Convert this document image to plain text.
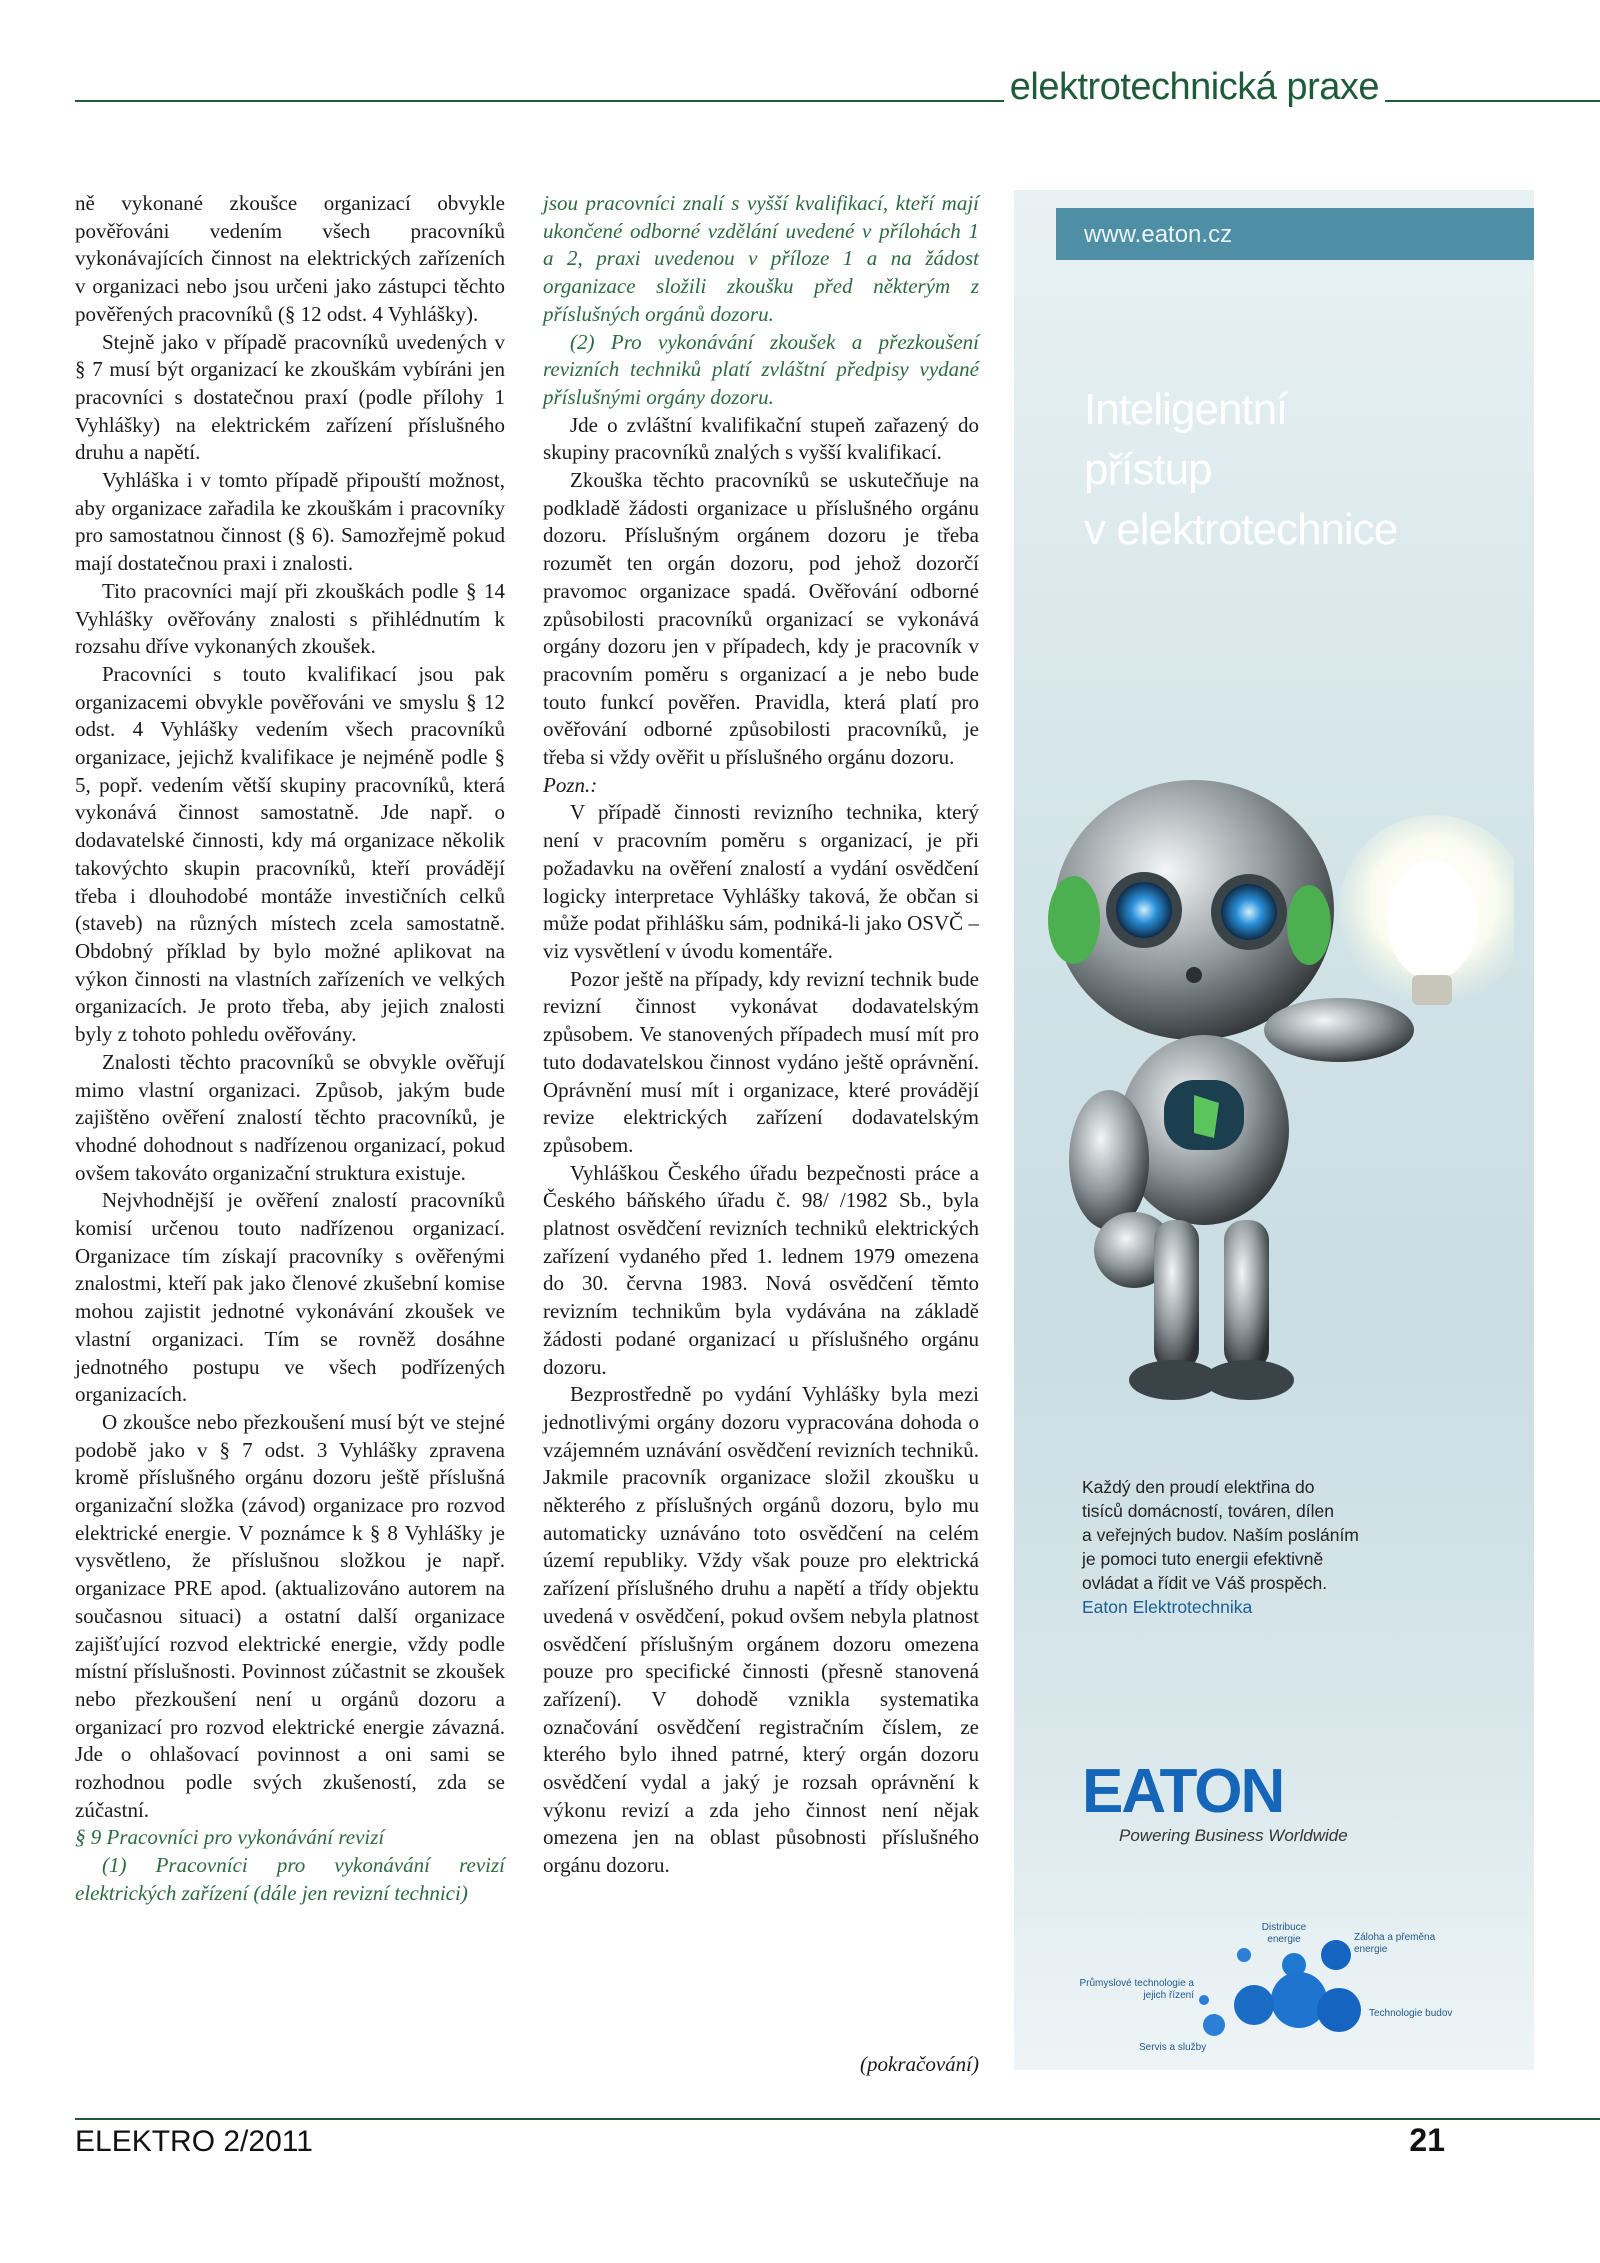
elektrotechnická praxe

ně vykonané zkoušce organizací obvykle pověřováni vedením všech pracovníků vykonávajících činnost na elektrických zařízeních v organizaci nebo jsou určeni jako zástupci těchto pověřených pracovníků (§ 12 odst. 4 Vyhlášky).

Stejně jako v případě pracovníků uvedených v § 7 musí být organizací ke zkouškám vybíráni jen pracovníci s dostatečnou praxí (podle přílohy 1 Vyhlášky) na elektrickém zařízení příslušného druhu a napětí.

Vyhláška i v tomto případě připouští možnost, aby organizace zařadila ke zkouškám i pracovníky pro samostatnou činnost (§ 6). Samozřejmě pokud mají dostatečnou praxi i znalosti.

Tito pracovníci mají při zkouškách podle § 14 Vyhlášky ověřovány znalosti s přihlédnutím k rozsahu dříve vykonaných zkoušek.

Pracovníci s touto kvalifikací jsou pak organizacemi obvykle pověřováni ve smyslu § 12 odst. 4 Vyhlášky vedením všech pracovníků organizace, jejichž kvalifikace je nejméně podle § 5, popř. vedením větší skupiny pracovníků, která vykonává činnost samostatně. Jde např. o dodavatelské činnosti, kdy má organizace několik takovýchto skupin pracovníků, kteří provádějí třeba i dlouhodobé montáže investičních celků (staveb) na různých místech zcela samostatně. Obdobný příklad by bylo možné aplikovat na výkon činnosti na vlastních zařízeních ve velkých organizacích. Je proto třeba, aby jejich znalosti byly z tohoto pohledu ověřovány.

Znalosti těchto pracovníků se obvykle ověřují mimo vlastní organizaci. Způsob, jakým bude zajištěno ověření znalostí těchto pracovníků, je vhodné dohodnout s nadřízenou organizací, pokud ovšem takováto organizační struktura existuje.

Nejvhodnější je ověření znalostí pracovníků komisí určenou touto nadřízenou organizací. Organizace tím získají pracovníky s ověřenými znalostmi, kteří pak jako členové zkušební komise mohou zajistit jednotné vykonávání zkoušek ve vlastní organizaci. Tím se rovněž dosáhne jednotného postupu ve všech podřízených organizacích.

O zkoušce nebo přezkoušení musí být ve stejné podobě jako v § 7 odst. 3 Vyhlášky zpravena kromě příslušného orgánu dozoru ještě příslušná organizační složka (závod) organizace pro rozvod elektrické energie. V poznámce k § 8 Vyhlášky je vysvětleno, že příslušnou složkou je např. organizace PRE apod. (aktualizováno autorem na současnou situaci) a ostatní další organizace zajišťující rozvod elektrické energie, vždy podle místní příslušnosti. Povinnost zúčastnit se zkoušek nebo přezkoušení není u orgánů dozoru a organizací pro rozvod elektrické energie závazná. Jde o ohlašovací povinnost a oni sami se rozhodnou podle svých zkušeností, zda se zúčastní.

§ 9 Pracovníci pro vykonávání revizí

(1) Pracovníci pro vykonávání revizí elektrických zařízení (dále jen revizní technici)

jsou pracovníci znalí s vyšší kvalifikací, kteří mají ukončené odborné vzdělání uvedené v přílohách 1 a 2, praxi uvedenou v příloze 1 a na žádost organizace složili zkoušku před některým z příslušných orgánů dozoru.

(2) Pro vykonávání zkoušek a přezkoušení revizních techniků platí zvláštní předpisy vydané příslušnými orgány dozoru.

Jde o zvláštní kvalifikační stupeň zařazený do skupiny pracovníků znalých s vyšší kvalifikací.

Zkouška těchto pracovníků se uskutečňuje na podkladě žádosti organizace u příslušného orgánu dozoru. Příslušným orgánem dozoru je třeba rozumět ten orgán dozoru, pod jehož dozorčí pravomoc organizace spadá. Ověřování odborné způsobilosti pracovníků organizací se vykonává orgány dozoru jen v případech, kdy je pracovník v pracovním poměru s organizací a je nebo bude touto funkcí pověřen. Pravidla, která platí pro ověřování odborné způsobilosti pracovníků, je třeba si vždy ověřit u příslušného orgánu dozoru.

Pozn.:

V případě činnosti revizního technika, který není v pracovním poměru s organizací, je při požadavku na ověření znalostí a vydání osvědčení logicky interpretace Vyhlášky taková, že občan si může podat přihlášku sám, podniká-li jako OSVČ – viz vysvětlení v úvodu komentáře.

Pozor ještě na případy, kdy revizní technik bude revizní činnost vykonávat dodavatelským způsobem. Ve stanovených případech musí mít pro tuto dodavatelskou činnost vydáno ještě oprávnění. Oprávnění musí mít i organizace, které provádějí revize elektrických zařízení dodavatelským způsobem.

Vyhláškou Českého úřadu bezpečnosti práce a Českého báňského úřadu č. 98/ /1982 Sb., byla platnost osvědčení revizních techniků elektrických zařízení vydaného před 1. lednem 1979 omezena do 30. června 1983. Nová osvědčení těmto revizním technikům byla vydávána na základě žádosti podané organizací u příslušného orgánu dozoru.

Bezprostředně po vydání Vyhlášky byla mezi jednotlivými orgány dozoru vypracována dohoda o vzájemném uznávání osvědčení revizních techniků. Jakmile pracovník organizace složil zkoušku u některého z příslušných orgánů dozoru, bylo mu automaticky uznáváno toto osvědčení na celém území republiky. Vždy však pouze pro elektrická zařízení příslušného druhu a napětí a třídy objektu uvedená v osvědčení, pokud ovšem nebyla platnost osvědčení příslušným orgánem dozoru omezena pouze pro specifické činnosti (přesně stanovená zařízení). V dohodě vznikla systematika označování osvědčení registračním číslem, ze kterého bylo ihned patrné, který orgán dozoru osvědčení vydal a jaký je rozsah oprávnění k výkonu revizí a zda jeho činnost není nějak omezena jen na oblast působnosti příslušného orgánu dozoru.

(pokračování)
www.eaton.cz
Inteligentní
přístup
v elektrotechnice
Každý den proudí elektřina do
tisíců domácností, továren, dílen
a veřejných budov. Naším posláním
je pomoci tuto energii efektivně
ovládat a řídit ve Váš prospěch.
Eaton Elektrotechnika
EATON
Powering Business Worldwide
Distribuce energie	Záloha a přeměna energie
Průmyslové technologie a jejich řízení
Technologie budov
Servis a služby
ELEKTRO 2/2011	21
